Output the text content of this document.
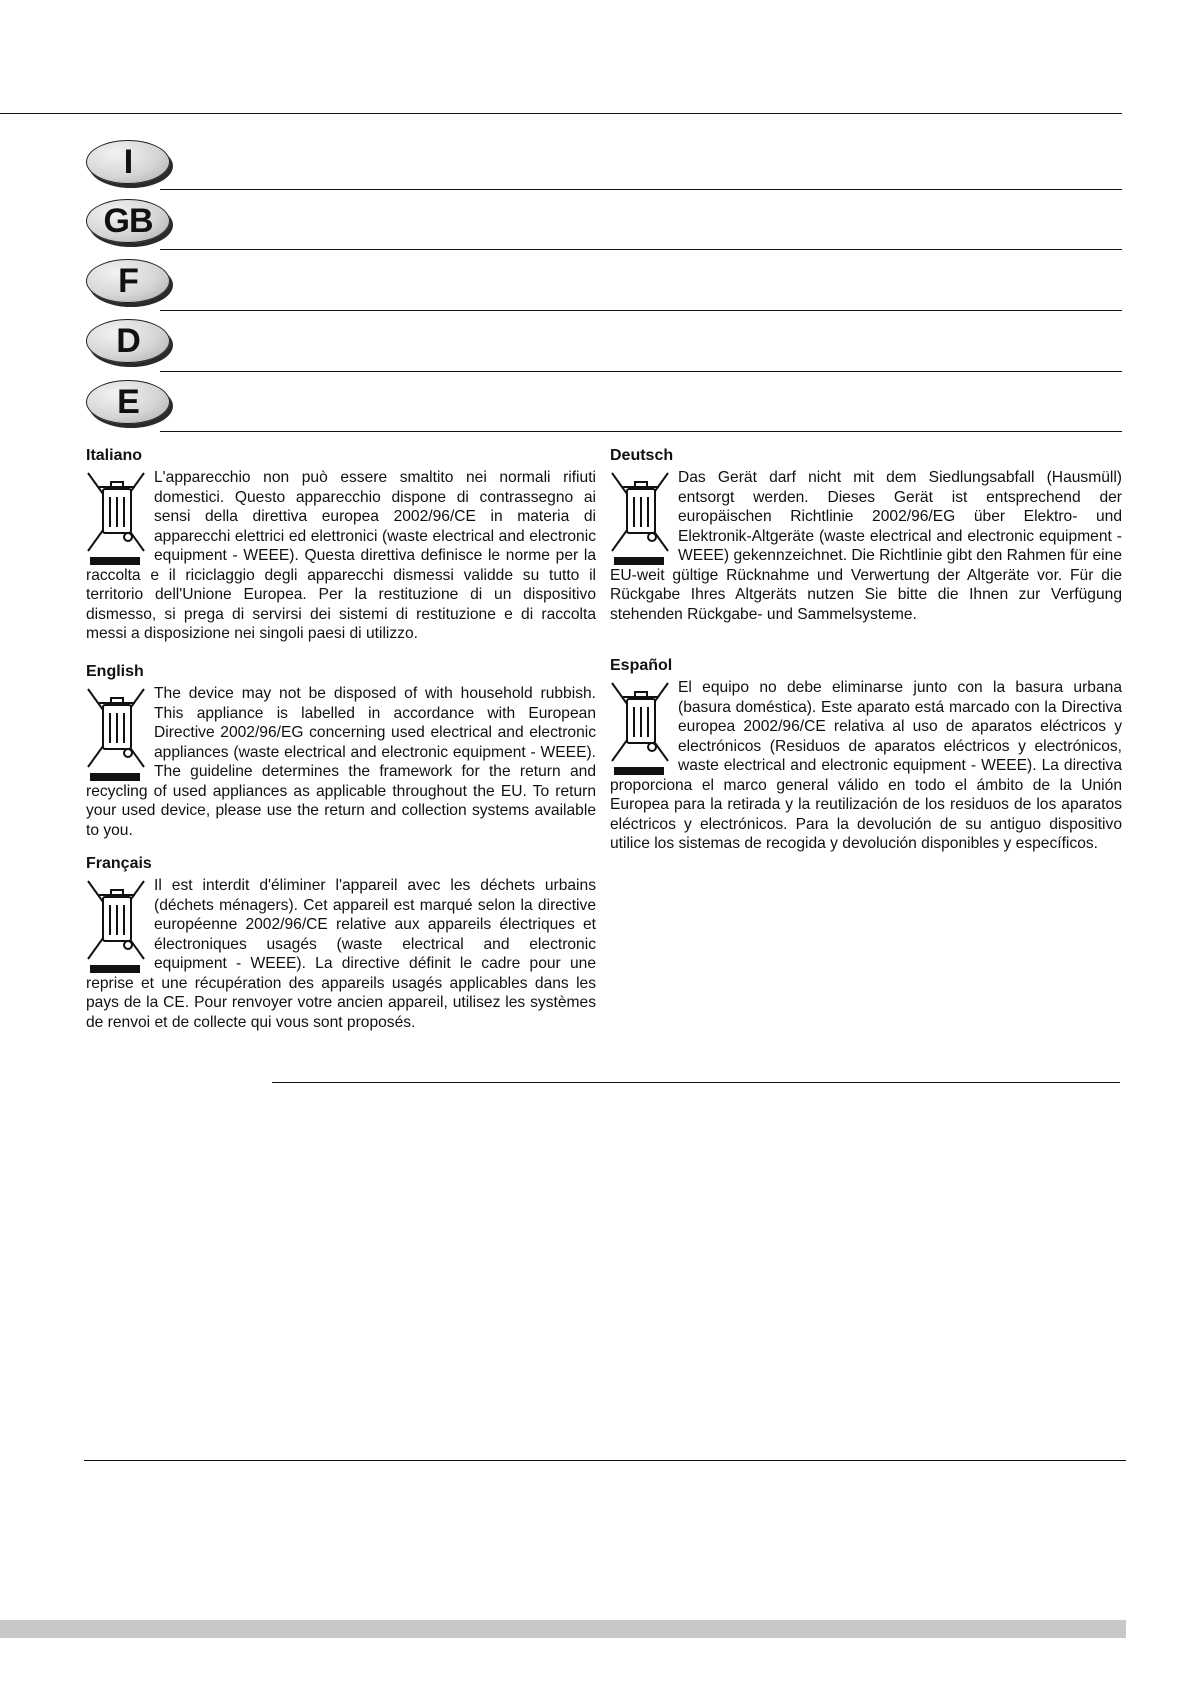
I
GB
F
D
E
Italiano

L'apparecchio non può essere smaltito nei normali rifiuti domestici. Questo apparecchio dispone di contrassegno ai sensi della direttiva europea 2002/96/CE in materia di apparecchi elettrici ed elettronici (waste electrical and electronic equipment - WEEE). Questa direttiva definisce le norme per la raccolta e il riciclaggio degli apparecchi dismessi validde su tutto il territorio dell'Unione Europea. Per la restituzione di un dispositivo dismesso, si prega di servirsi dei sistemi di restituzione e di raccolta messi a disposizione nei singoli paesi di utilizzo.

English

The device may not be disposed of with household rubbish. This appliance is labelled in accordance with European Directive 2002/96/EG concerning used electrical and electronic appliances (waste electrical and electronic equipment - WEEE). The guideline determines the framework for the return and recycling of used appliances as applicable throughout the EU. To return your used device, please use the return and collection systems available to you.

Français

Il est interdit d'éliminer l'appareil avec les déchets urbains (déchets ménagers). Cet appareil est marqué selon la directive européenne 2002/96/CE relative aux appareils électriques et électroniques usagés (waste electrical and electronic equipment - WEEE). La directive définit le cadre pour une reprise et une récupération des appareils usagés applicables dans les pays de la CE. Pour renvoyer votre ancien appareil, utilisez les systèmes de renvoi et de collecte qui vous sont proposés.

Deutsch

Das Gerät darf nicht mit dem Siedlungsabfall (Hausmüll) entsorgt werden. Dieses Gerät ist entsprechend der europäischen Richtlinie 2002/96/EG über Elektro- und Elektronik-Altgeräte (waste electrical and electronic equipment - WEEE) gekennzeichnet. Die Richtlinie gibt den Rahmen für eine EU-weit gültige Rücknahme und Verwertung der Altgeräte vor. Für die Rückgabe Ihres Altgeräts nutzen Sie bitte die Ihnen zur Verfügung stehenden Rückgabe- und Sammelsysteme.

Español

El equipo no debe eliminarse junto con la basura urbana (basura doméstica). Este aparato está marcado con la Directiva europea 2002/96/CE relativa al uso de aparatos eléctricos y electrónicos (Residuos de aparatos eléctricos y electrónicos, waste electrical and electronic equipment - WEEE). La directiva proporciona el marco general válido en todo el ámbito de la Unión Europea para la retirada y la reutilización de los residuos de los aparatos eléctricos y electrónicos. Para la devolución de su antiguo dispositivo utilice los sistemas de recogida y devolución disponibles y específicos.
